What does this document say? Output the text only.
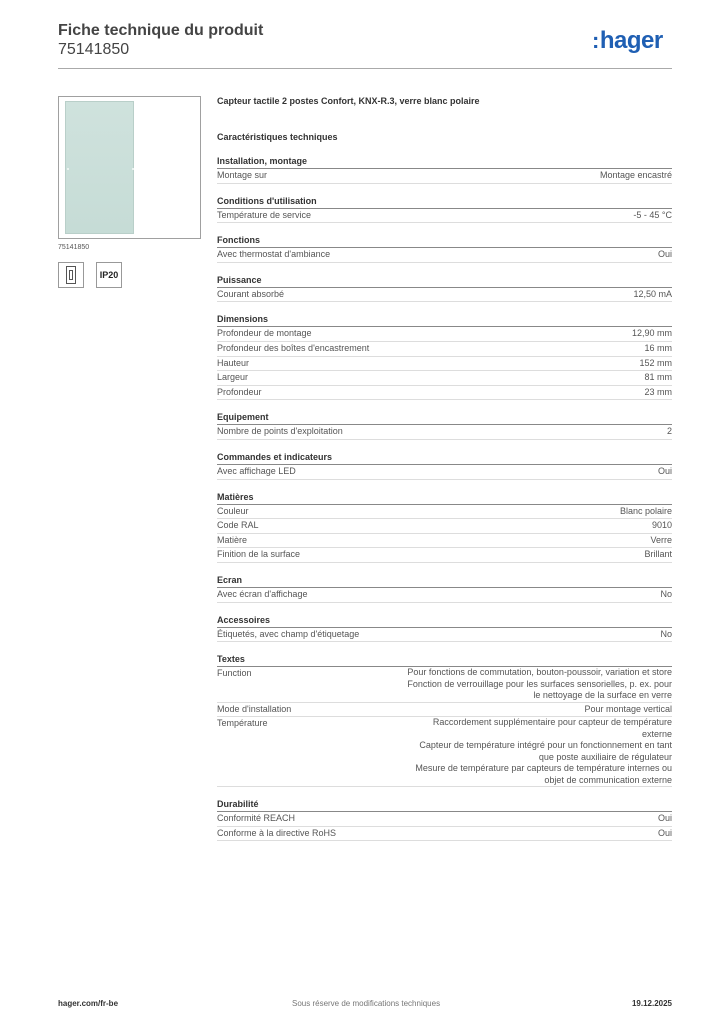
Fiche technique du produit
75141850	:hager
75141850
IP20
Capteur tactile 2 postes Confort, KNX-R.3, verre blanc polaire
Caractéristiques techniques
Installation, montage
Montage sur	Montage encastré
Conditions d'utilisation
Température de service	-5 - 45 °C
Fonctions
Avec thermostat d'ambiance	Oui
Puissance
Courant absorbé	12,50 mA
Dimensions
Profondeur de montage	12,90 mm
Profondeur des boîtes d'encastrement	16 mm
Hauteur	152 mm
Largeur	81 mm
Profondeur	23 mm
Equipement
Nombre de points d'exploitation	2
Commandes et indicateurs
Avec affichage LED	Oui
Matières
Couleur	Blanc polaire
Code RAL	9010
Matière	Verre
Finition de la surface	Brillant
Ecran
Avec écran d'affichage	No
Accessoires
Étiquetés, avec champ d'étiquetage	No
Textes
Function	Pour fonctions de commutation, bouton-poussoir, variation et store
Fonction de verrouillage pour les surfaces sensorielles, p. ex. pour
le nettoyage de la surface en verre
Mode d'installation	Pour montage vertical
Température	Raccordement supplémentaire pour capteur de température
externe
Capteur de température intégré pour un fonctionnement en tant
que poste auxiliaire de régulateur
Mesure de température par capteurs de température internes ou
objet de communication externe
Durabilité
Conformité REACH	Oui
Conforme à la directive RoHS	Oui
hager.com/fr-be	Sous réserve de modifications techniques	19.12.2025
